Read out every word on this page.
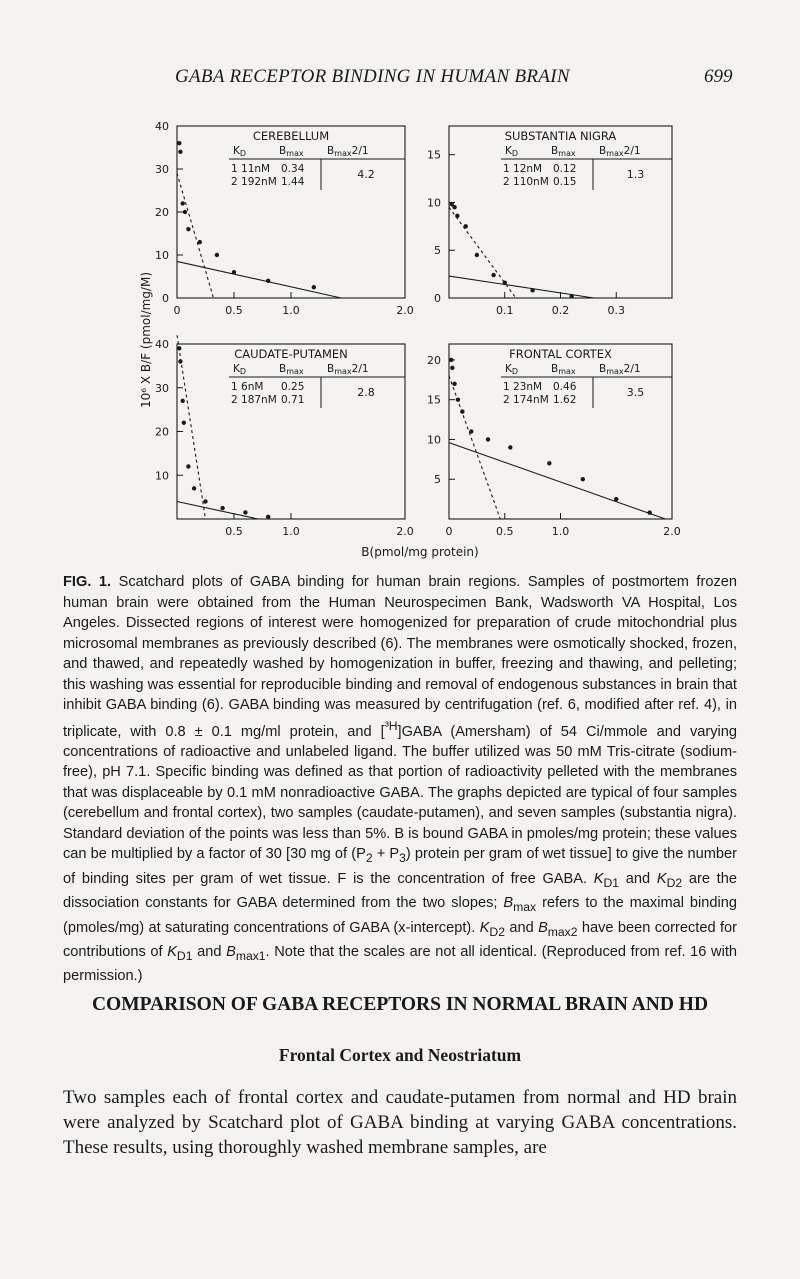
GABA RECEPTOR BINDING IN HUMAN BRAIN	699
10⁶ X B/F (pmol/mg/M)
B(pmol/mg protein)
40
30
20
10
0
0	0.5	1.0	2.0
CEREBELLUM
KD	Bmax Bmax2/1
1 11nM 0.34
2 192nM 1.44
4.2
15
10
5
0
0.1	0.2	0.3
SUBSTANTIA NIGRA
KD	Bmax Bmax2/1
1 12nM 0.12
2 110nM 0.15
1.3
40
30
20
10
0.5	1.0	2.0
CAUDATE-PUTAMEN
KD	Bmax Bmax2/1
1 6nM 0.25
2 187nM 0.71
2.8
20
15
10
5
0	0.5	1.0	2.0
FRONTAL CORTEX
KD	Bmax Bmax2/1
1 23nM 0.46
2 174nM 1.62
3.5

FIG. 1. Scatchard plots of GABA binding for human brain regions. Samples of postmortem frozen human brain were obtained from the Human Neurospecimen Bank, Wadsworth VA Hospital, Los Angeles. Dissected regions of interest were homogenized for preparation of crude mitochondrial plus microsomal membranes as previously described (6). The membranes were osmotically shocked, frozen, and thawed, and repeatedly washed by homogenization in buffer, freezing and thawing, and pelleting; this washing was essential for reproducible binding and removal of endogenous substances in brain that inhibit GABA binding (6). GABA binding was measured by centrifugation (ref. 6, modified after ref. 4), in triplicate, with 0.8 ± 0.1 mg/ml protein, and [$^{^3H}$]GABA (Amersham) of 54 Ci/mmole and varying concentrations of radioactive and unlabeled ligand. The buffer utilized was 50 mM Tris-citrate (sodium-free), pH 7.1. Specific binding was defined as that portion of radioactivity pelleted with the membranes that was displaceable by 0.1 mM nonradioactive GABA. The graphs depicted are typical of four samples (cerebellum and frontal cortex), two samples (caudate-putamen), and seven samples (substantia nigra). Standard deviation of the points was less than 5%. B is bound GABA in pmoles/mg protein; these values can be multiplied by a factor of 30 [30 mg of $(P_2 + P_3)$ protein per gram of wet tissue] to give the number of binding sites per gram of wet tissue. F is the concentration of free GABA. $K_{D1}$ and $K_{D2}$ are the dissociation constants for GABA determined from the two slopes; $B_{max}$ refers to the maximal binding (pmoles/mg) at saturating concentrations of GABA (x-intercept). $K_{D2}$ and $B_{max2}$ have been corrected for contributions of $K_{D1}$ and $B_{max1}$. Note that the scales are not all identical. (Reproduced from ref. 16 with permission.)

COMPARISON OF GABA RECEPTORS IN NORMAL BRAIN AND HD
Frontal Cortex and Neostriatum

Two samples each of frontal cortex and caudate-putamen from normal and HD brain were analyzed by Scatchard plot of GABA binding at varying GABA concentrations. These results, using thoroughly washed membrane samples, are
